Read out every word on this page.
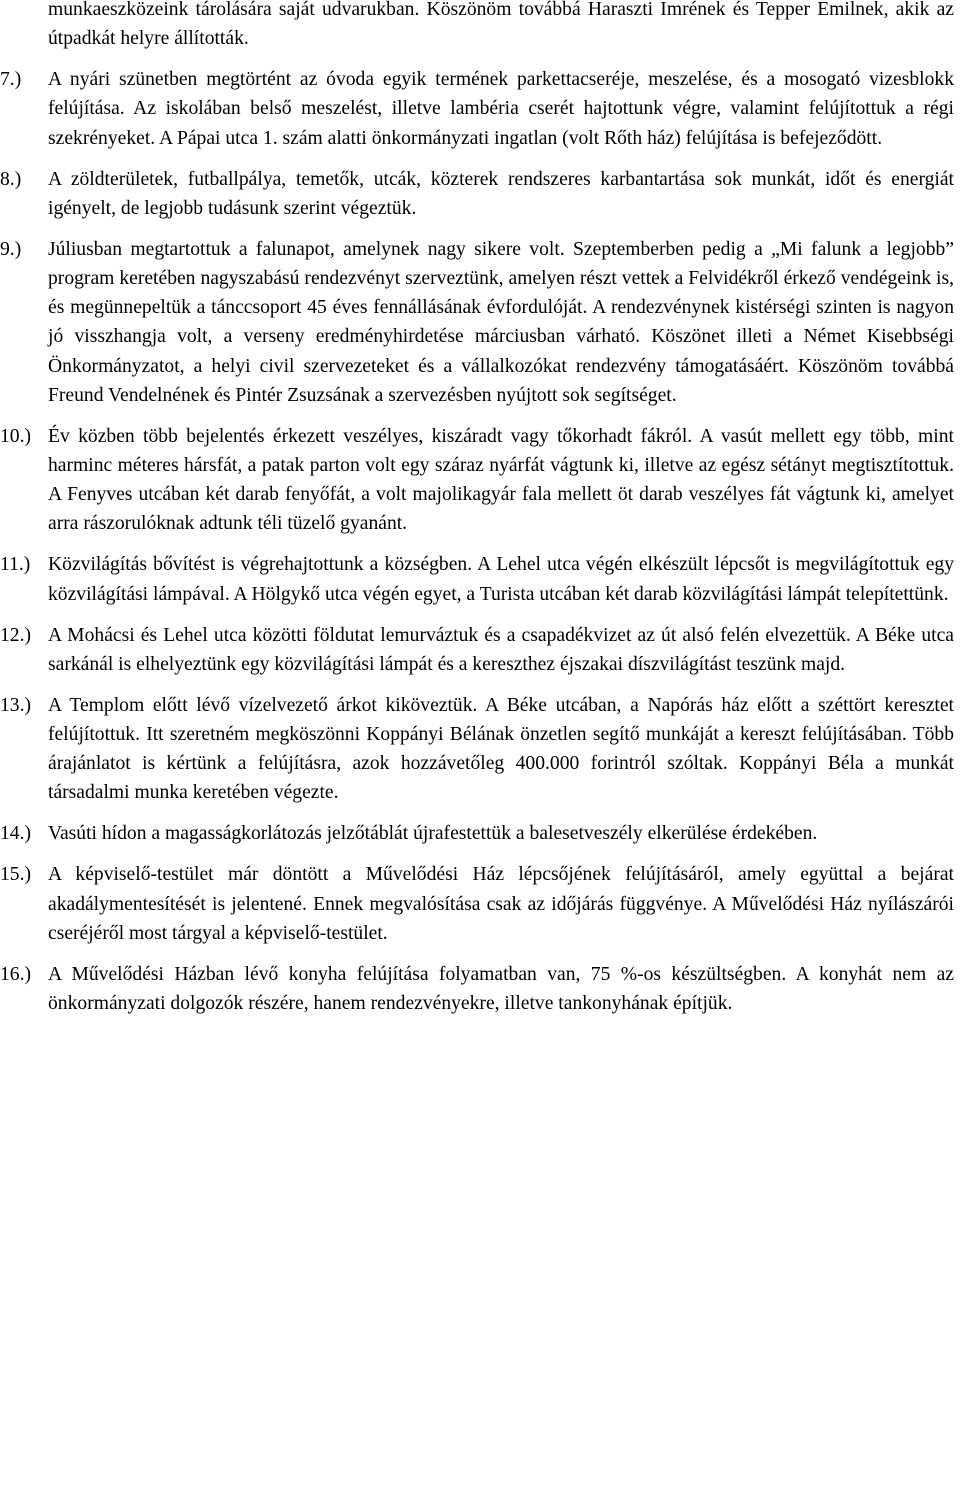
munkaeszközeink tárolására saját udvarukban. Köszönöm továbbá Haraszti Imrének és Tepper Emilnek, akik az útpadkát helyre állították.

7.)	A nyári szünetben megtörtént az óvoda egyik termének parkettacseréje, meszelése, és a mosogató vizesblokk felújítása. Az iskolában belső meszelést, illetve lambéria cserét hajtottunk végre, valamint felújítottuk a régi szekrényeket. A Pápai utca 1. szám alatti önkormányzati ingatlan (volt Rőth ház) felújítása is befejeződött.
8.)	A zöldterületek, futballpálya, temetők, utcák, közterek rendszeres karbantartása sok munkát, időt és energiát igényelt, de legjobb tudásunk szerint végeztük.
9.)	Júliusban megtartottuk a falunapot, amelynek nagy sikere volt. Szeptemberben pedig a „Mi falunk a legjobb” program keretében nagyszabású rendezvényt szerveztünk, amelyen részt vettek a Felvidékről érkező vendégeink is, és megünnepeltük a tánccsoport 45 éves fennállásának évfordulóját. A rendezvénynek kistérségi szinten is nagyon jó visszhangja volt, a verseny eredményhirdetése márciusban várható. Köszönet illeti a Német Kisebbségi Önkormányzatot, a helyi civil szervezeteket és a vállalkozókat rendezvény támogatásáért. Köszönöm továbbá Freund Vendelnének és Pintér Zsuzsának a szervezésben nyújtott sok segítséget.
10.) Év közben több bejelentés érkezett veszélyes, kiszáradt vagy tőkorhadt fákról. A vasút mellett egy több, mint harminc méteres hársfát, a patak parton volt egy száraz nyárfát vágtunk ki, illetve az egész sétányt megtisztítottuk. A Fenyves utcában két darab fenyőfát, a volt majolikagyár fala mellett öt darab veszélyes fát vágtunk ki, amelyet arra rászorulóknak adtunk téli tüzelő gyanánt.
11.) Közvilágítás bővítést is végrehajtottunk a községben. A Lehel utca végén elkészült lépcsőt is megvilágítottuk egy közvilágítási lámpával. A Hölgykő utca végén egyet, a Turista utcában két darab közvilágítási lámpát telepítettünk.
12.) A Mohácsi és Lehel utca közötti földutat lemurváztuk és a csapadékvizet az út alsó felén elvezettük. A Béke utca sarkánál is elhelyeztünk egy közvilágítási lámpát és a kereszthez éjszakai díszvilágítást teszünk majd.
13.) A Templom előtt lévő vízelvezető árkot kiköveztük. A Béke utcában, a Napórás ház előtt a széttört keresztet felújítottuk. Itt szeretném megköszönni Koppányi Bélának önzetlen segítő munkáját a kereszt felújításában. Több árajánlatot is kértünk a felújításra, azok hozzávetőleg 400.000 forintról szóltak. Koppányi Béla a munkát társadalmi munka keretében végezte.
14.) Vasúti hídon a magasságkorlátozás jelzőtáblát újrafestettük a balesetveszély elkerülése érdekében.
15.) A képviselő-testület már döntött a Művelődési Ház lépcsőjének felújításáról, amely együttal a bejárat akadálymentesítését is jelentené. Ennek megvalósítása csak az időjárás függvénye. A Művelődési Ház nyílászárói cseréjéről most tárgyal a képviselő-testület.
16.) A Művelődési Házban lévő konyha felújítása folyamatban van, 75 %-os készültségben. A konyhát nem az önkormányzati dolgozók részére, hanem rendezvényekre, illetve tankonyhának építjük.
